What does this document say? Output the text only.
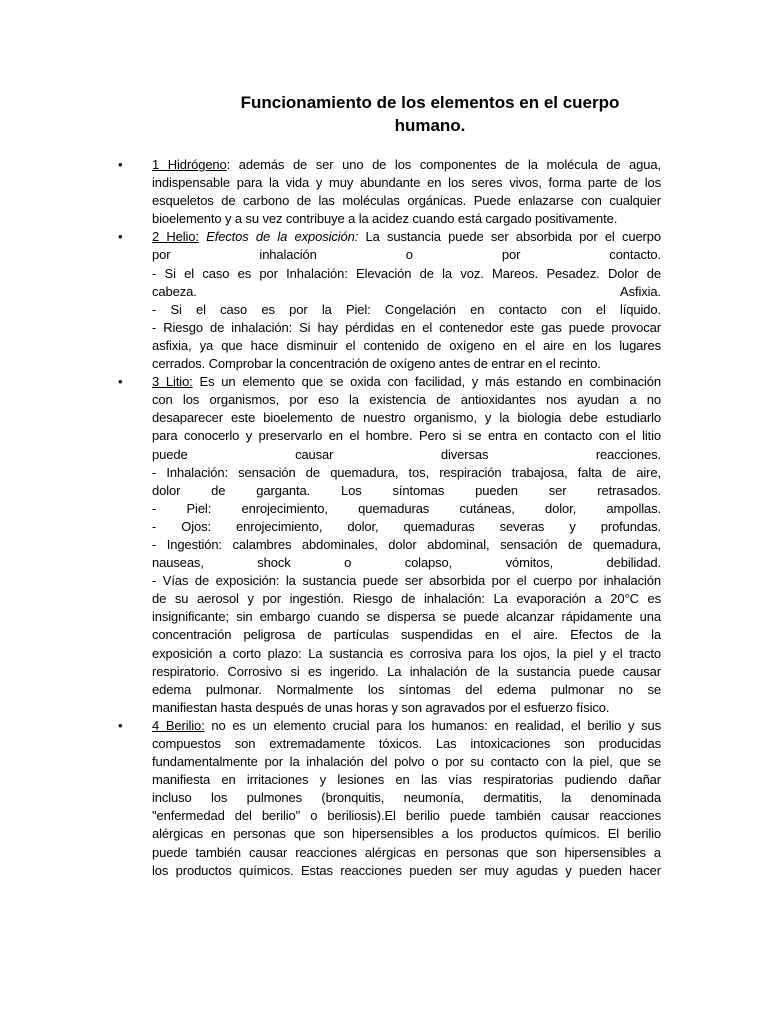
Funcionamiento de los elementos en el cuerpo humano.
• 1 Hidrógeno: además de ser uno de los componentes de la molécula de agua,
indispensable para la vida y muy abundante en los seres vivos, forma parte de los
esqueletos de carbono de las moléculas orgánicas. Puede enlazarse con cualquier
bioelemento y a su vez contribuye a la acidez cuando está cargado positivamente.
• 2 Helio: Efectos de la exposición: La sustancia puede ser absorbida por el cuerpo
por inhalación o por contacto.
- Si el caso es por Inhalación: Elevación de la voz. Mareos. Pesadez. Dolor de
cabeza. Asfixia.
- Si el caso es por la Piel: Congelación en contacto con el líquido.
- Riesgo de inhalación: Si hay pérdidas en el contenedor este gas puede provocar
asfixia, ya que hace disminuir el contenido de oxígeno en el aire en los lugares
cerrados. Comprobar la concentración de oxígeno antes de entrar en el recinto.
• 3 Litio: Es un elemento que se oxida con facilidad, y más estando en combinación
con los organismos, por eso la existencia de antioxidantes nos ayudan a no
desaparecer este bioelemento de nuestro organismo, y la biologia debe estudiarlo
para conocerlo y preservarlo en el hombre. Pero si se entra en contacto con el litio
puede causar diversas reacciones.
- Inhalación: sensación de quemadura, tos, respiración trabajosa, falta de aire,
dolor de garganta. Los síntomas pueden ser retrasados.
- Piel: enrojecimiento, quemaduras cutáneas, dolor, ampollas.
- Ojos: enrojecimiento, dolor, quemaduras severas y profundas.
- Ingestión: calambres abdominales, dolor abdominal, sensación de quemadura,
nauseas, shock o colapso, vómitos, debilidad.
- Vías de exposición: la sustancia puede ser absorbida por el cuerpo por inhalación
de su aerosol y por ingestión. Riesgo de inhalación: La evaporación a 20°C es
insignificante; sin embargo cuando se dispersa se puede alcanzar rápidamente una
concentración peligrosa de partículas suspendidas en el aire. Efectos de la
exposición a corto plazo: La sustancia es corrosiva para los ojos, la piel y el tracto
respiratorio. Corrosivo si es ingerido. La inhalación de la sustancia puede causar
edema pulmonar. Normalmente los síntomas del edema pulmonar no se
manifiestan hasta después de unas horas y son agravados por el esfuerzo físico.
• 4 Berilio: no es un elemento crucial para los humanos: en realidad, el berilio y sus
compuestos son extremadamente tóxicos. Las intoxicaciones son producidas
fundamentalmente por la inhalación del polvo o por su contacto con la piel, que se
manifiesta en irritaciones y lesiones en las vías respiratorias pudiendo dañar
incluso los pulmones (bronquitis, neumonía, dermatitis, la denominada
"enfermedad del berilio" o beriliosis).El berilio puede también causar reacciones
alérgicas en personas que son hipersensibles a los productos químicos. El berilio
puede también causar reacciones alérgicas en personas que son hipersensibles a
los productos químicos. Estas reacciones pueden ser muy agudas y pueden hacer
